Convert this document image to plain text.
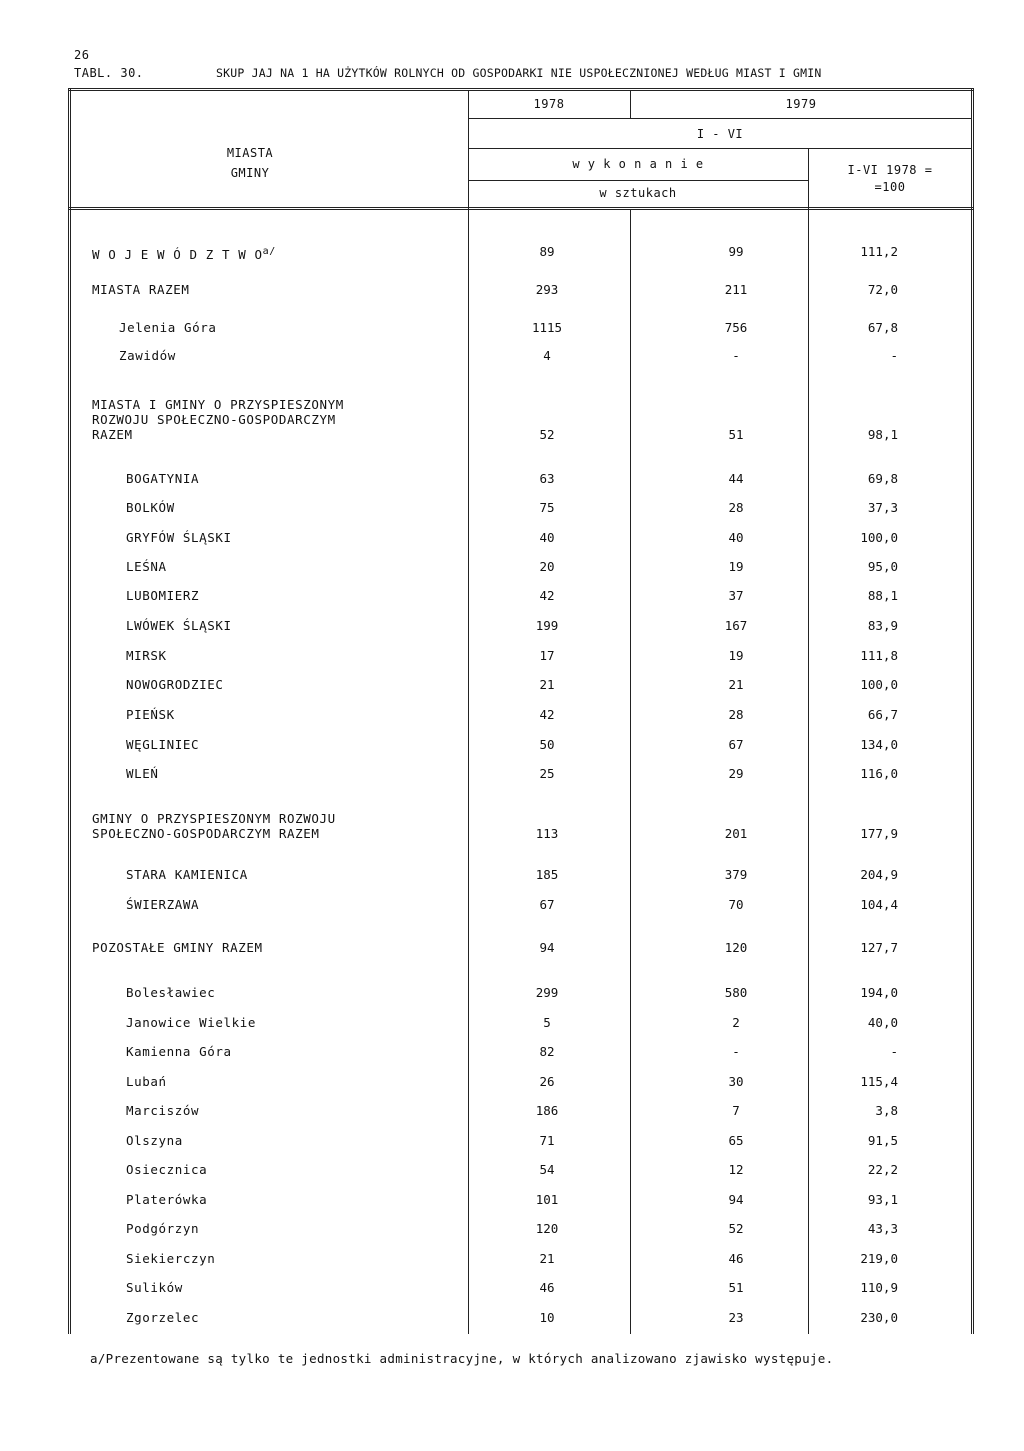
26
TABL. 30.	SKUP JAJ NA 1 HA UŻYTKÓW ROLNYCH OD GOSPODARKI NIE USPOŁECZNIONEJ WEDŁUG MIAST I GMIN
MIASTA
GMINY
1978	1979
I - VI
w y k o n a n i e
w sztukach
I-VI 1978 =
=100
W O J E W Ó D Z T W $O^{a/}$	89	99	111,2
MIASTA RAZEM	293	211	72,0
Jelenia Góra	1115	756	67,8
Zawidów	4	-	-
MIASTA I GMINY O PRZYSPIESZONYM
ROZWOJU SPOŁECZNO-GOSPODARCZYM
RAZEM	52	51	98,1
BOGATYNIA	63	44	69,8
BOLKÓW	75	28	37,3
GRYFÓW ŚLĄSKI	40	40	100,0
LEŚNA	20	19	95,0
LUBOMIERZ	42	37	88,1
LWÓWEK ŚLĄSKI	199	167	83,9
MIRSK	17	19	111,8
NOWOGRODZIEC	21	21	100,0
PIEŃSK	42	28	66,7
WĘGLINIEC	50	67	134,0
WLEŃ	25	29	116,0
GMINY O PRZYSPIESZONYM ROZWOJU
SPOŁECZNO-GOSPODARCZYM RAZEM	113	201	177,9
STARA KAMIENICA	185	379	204,9
ŚWIERZAWA	67	70	104,4
POZOSTAŁE GMINY RAZEM	94	120	127,7
Bolesławiec	299	580	194,0
Janowice Wielkie	5	2	40,0
Kamienna Góra	82	-	-
Lubań	26	30	115,4
Marciszów	186	7	3,8
Olszyna	71	65	91,5
Osiecznica	54	12	22,2
Platerówka	101	94	93,1
Podgórzyn	120	52	43,3
Siekierczyn	21	46	219,0
Sulików	46	51	110,9
Zgorzelec	10	23	230,0
a/Prezentowane są tylko te jednostki administracyjne, w których analizowano zjawisko występuje.
